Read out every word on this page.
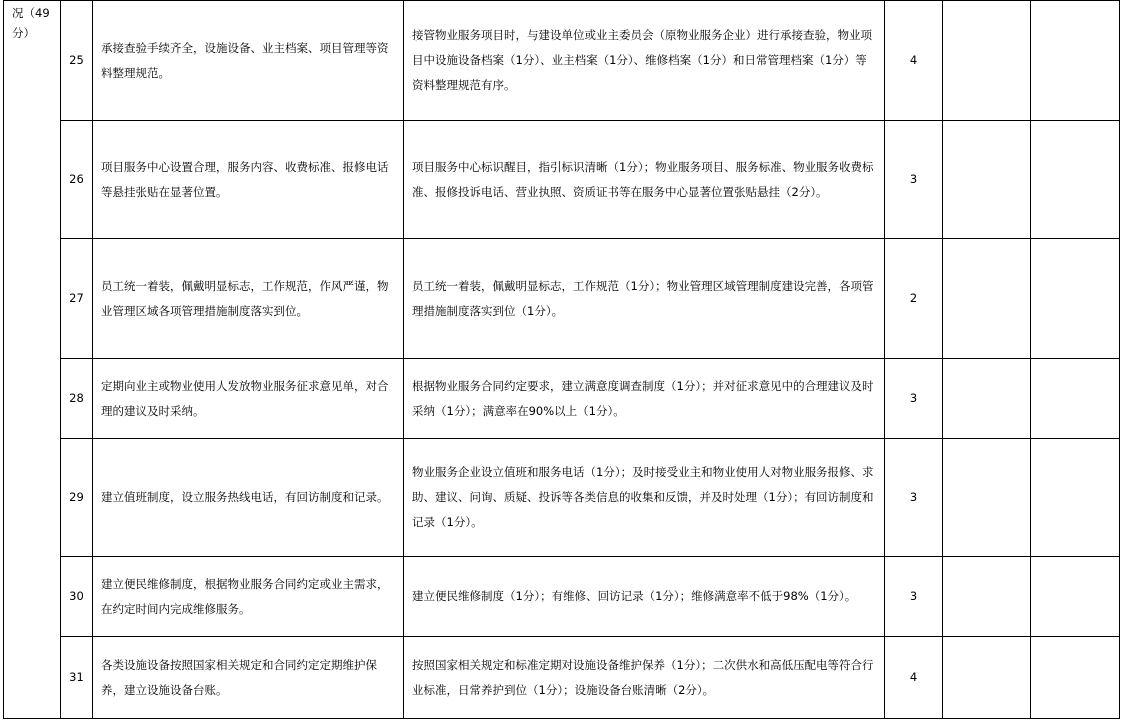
况（49分）	25	承接查验手续齐全，设施设备、业主档案、项目管理等资料整理规范。	接管物业服务项目时，与建设单位或业主委员会（原物业服务企业）进行承接查验，物业项目中设施设备档案（1分）、业主档案（1分）、维修档案（1分）和日常管理档案（1分）等资料整理规范有序。	4		
	26	项目服务中心设置合理，服务内容、收费标准、报修电话等悬挂张贴在显著位置。	项目服务中心标识醒目，指引标识清晰（1分）；物业服务项目、服务标准、物业服务收费标准、报修投诉电话、营业执照、资质证书等在服务中心显著位置张贴悬挂（2分）。	3		
	27	员工统一着装，佩戴明显标志，工作规范，作风严谨，物业管理区域各项管理措施制度落实到位。	员工统一着装，佩戴明显标志，工作规范（1分）；物业管理区域管理制度建设完善，各项管理措施制度落实到位（1分）。	2		
	28	定期向业主或物业使用人发放物业服务征求意见单，对合理的建议及时采纳。	根据物业服务合同约定要求，建立满意度调查制度（1分）；并对征求意见中的合理建议及时采纳（1分）；满意率在90%以上（1分）。	3		
	29	建立值班制度，设立服务热线电话，有回访制度和记录。	物业服务企业设立值班和服务电话（1分）；及时接受业主和物业使用人对物业服务报修、求助、建议、问询、质疑、投诉等各类信息的收集和反馈，并及时处理（1分）；有回访制度和记录（1分）。	3		
	30	建立便民维修制度，根据物业服务合同约定或业主需求，在约定时间内完成维修服务。	建立便民维修制度（1分）；有维修、回访记录（1分）；维修满意率不低于98%（1分）。	3		
	31	各类设施设备按照国家相关规定和合同约定定期维护保养，建立设施设备台账。	按照国家相关规定和标准定期对设施设备维护保养（1分）；二次供水和高低压配电等符合行业标准，日常养护到位（1分）；设施设备台账清晰（2分）。	4		
